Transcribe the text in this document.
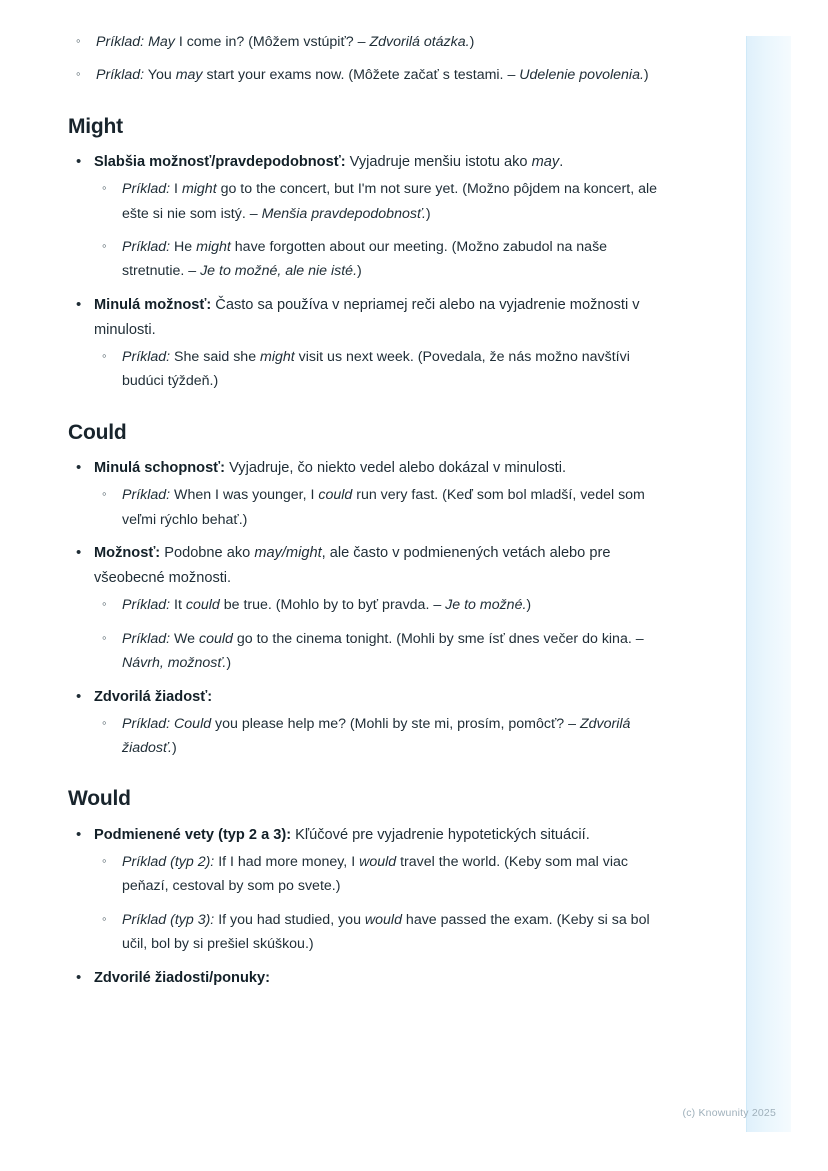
◦ Príklad: May I come in? (Môžem vstúpiť? – Zdvorilá otázka.)
◦ Príklad: You may start your exams now. (Môžete začať s testami. – Udelenie povolenia.)
Might
• Slabšia možnosť/pravdepodobnosť: Vyjadruje menšiu istotu ako may.
◦ Príklad: I might go to the concert, but I'm not sure yet. (Možno pôjdem na koncert, ale ešte si nie som istý. – Menšia pravdepodobnosť.)
◦ Príklad: He might have forgotten about our meeting. (Možno zabudol na naše stretnutie. – Je to možné, ale nie isté.)
• Minulá možnosť: Často sa používa v nepriamej reči alebo na vyjadrenie možnosti v minulosti.
◦ Príklad: She said she might visit us next week. (Povedala, že nás možno navštívi budúci týždeň.)
Could
• Minulá schopnosť: Vyjadruje, čo niekto vedel alebo dokázal v minulosti.
◦ Príklad: When I was younger, I could run very fast. (Keď som bol mladší, vedel som veľmi rýchlo behať.)
• Možnosť: Podobne ako may/might, ale často v podmienených vetách alebo pre všeobecné možnosti.
◦ Príklad: It could be true. (Mohlo by to byť pravda. – Je to možné.)
◦ Príklad: We could go to the cinema tonight. (Mohli by sme ísť dnes večer do kina. – Návrh, možnosť.)
• Zdvorilá žiadosť:
◦ Príklad: Could you please help me? (Mohli by ste mi, prosím, pomôcť? – Zdvorilá žiadosť.)
Would
• Podmienené vety (typ 2 a 3): Kľúčové pre vyjadrenie hypotetických situácií.
◦ Príklad (typ 2): If I had more money, I would travel the world. (Keby som mal viac peňazí, cestoval by som po svete.)
◦ Príklad (typ 3): If you had studied, you would have passed the exam. (Keby si sa bol učil, bol by si prešiel skúškou.)
• Zdvorilé žiadosti/ponuky:
(c) Knowunity 2025
